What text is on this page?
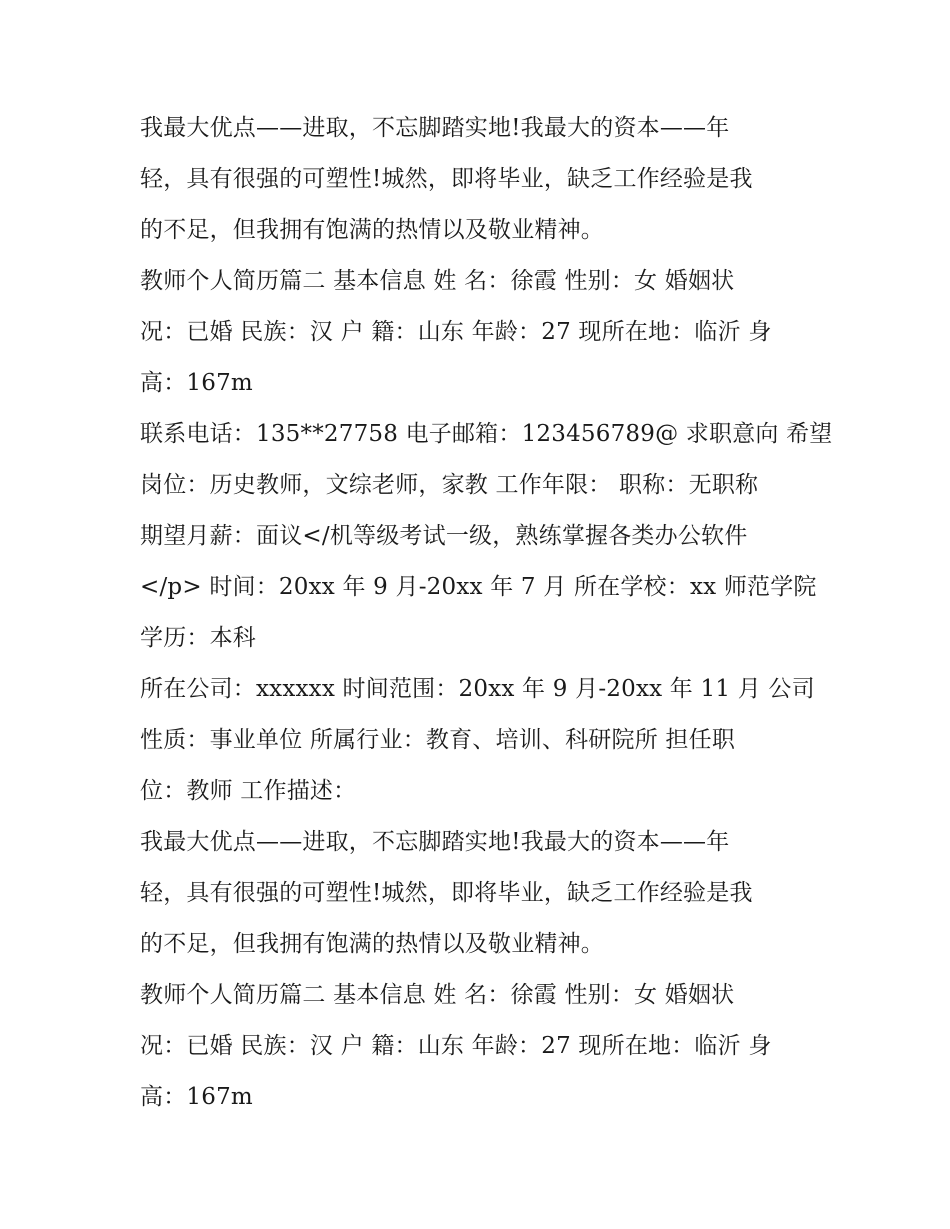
我最大优点——进取，不忘脚踏实地!我最大的资本——年
轻，具有很强的可塑性!城然，即将毕业，缺乏工作经验是我
的不足，但我拥有饱满的热情以及敬业精神。
教师个人简历篇二 基本信息 姓 名：徐霞 性别：女 婚姻状
况：已婚 民族：汉 户 籍：山东 年龄：27 现所在地：临沂 身
高：167m
联系电话：135**27758 电子邮箱：123456789@ 求职意向 希望
岗位：历史教师，文综老师，家教 工作年限： 职称：无职称
期望月薪：面议</机等级考试一级，熟练掌握各类办公软件
</p> 时间：20xx 年 9 月-20xx 年 7 月 所在学校：xx 师范学院
学历：本科
所在公司：xxxxxx 时间范围：20xx 年 9 月-20xx 年 11 月 公司
性质：事业单位 所属行业：教育、培训、科研院所 担任职
位：教师 工作描述：
我最大优点——进取，不忘脚踏实地!我最大的资本——年
轻，具有很强的可塑性!城然，即将毕业，缺乏工作经验是我
的不足，但我拥有饱满的热情以及敬业精神。
教师个人简历篇二 基本信息 姓 名：徐霞 性别：女 婚姻状
况：已婚 民族：汉 户 籍：山东 年龄：27 现所在地：临沂 身
高：167m
